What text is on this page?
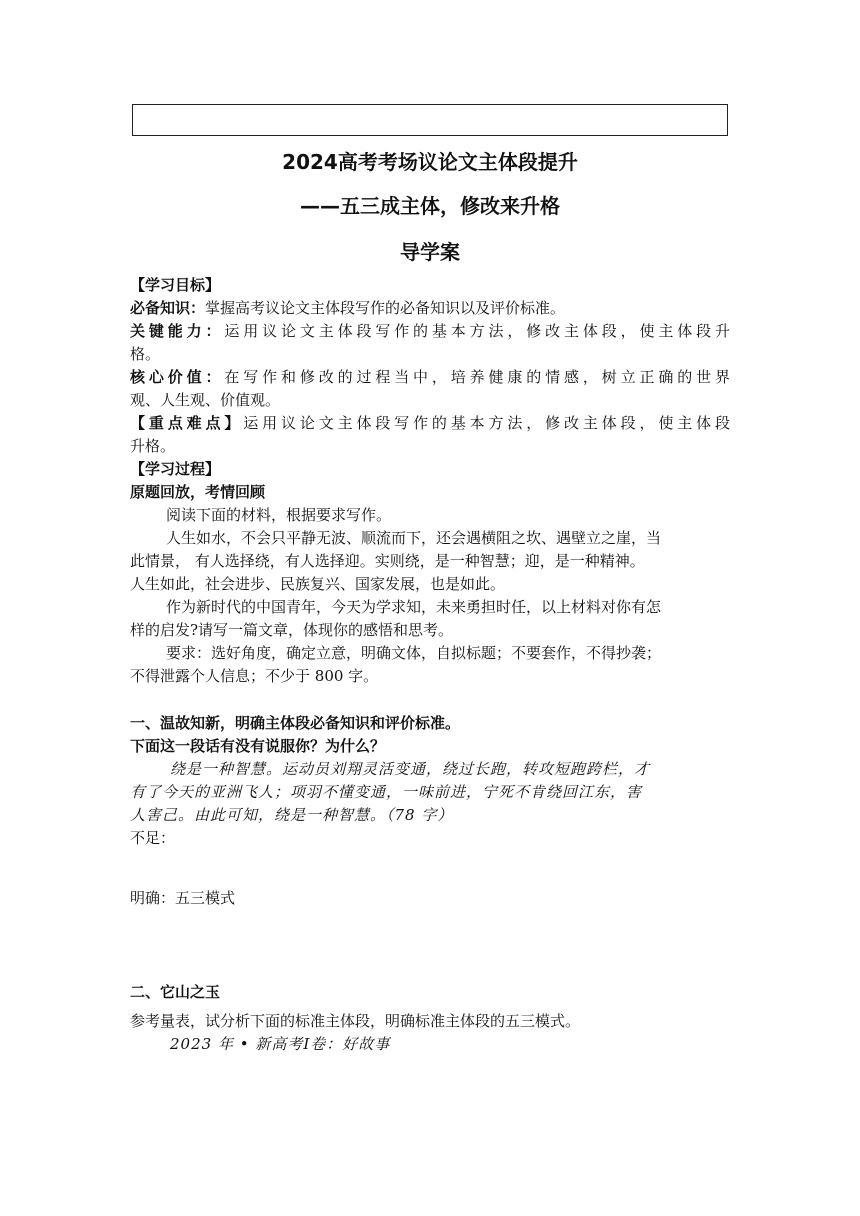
2024高考考场议论文主体段提升
——五三成主体，修改来升格
导学案
【学习目标】
必备知识：掌握高考议论文主体段写作的必备知识以及评价标准。
关键能力：运用议论文主体段写作的基本方法，修改主体段，使主体段升
格。
核心价值：在写作和修改的过程当中，培养健康的情感，树立正确的世界
观、人生观、价值观。
【重点难点】运用议论文主体段写作的基本方法，修改主体段，使主体段
升格。
【学习过程】
原题回放，考情回顾
阅读下面的材料，根据要求写作。
人生如水，不会只平静无波、顺流而下，还会遇横阻之坎、遇壁立之崖，当
此情景， 有人选择绕，有人选择迎。实则绕，是一种智慧；迎，是一种精神。
人生如此，社会进步、民族复兴、国家发展，也是如此。
作为新时代的中国青年，今天为学求知，未来勇担时任，以上材料对你有怎
样的启发?请写一篇文章，体现你的感悟和思考。
要求：选好角度，确定立意，明确文体，自拟标题；不要套作，不得抄袭；
不得泄露个人信息；不少于 800 字。
一、温故知新，明确主体段必备知识和评价标准。
下面这一段话有没有说服你？为什么？
绕是一种智慧。运动员刘翔灵活变通，绕过长跑，转攻短跑跨栏，才
有了今天的亚洲飞人；项羽不懂变通，一味前进，宁死不肯绕回江东，害
人害己。由此可知，绕是一种智慧。（78 字）
不足：
明确：五三模式
二、它山之玉
参考量表，试分析下面的标准主体段，明确标准主体段的五三模式。
2023 年 • 新高考Ⅰ卷：好故事
